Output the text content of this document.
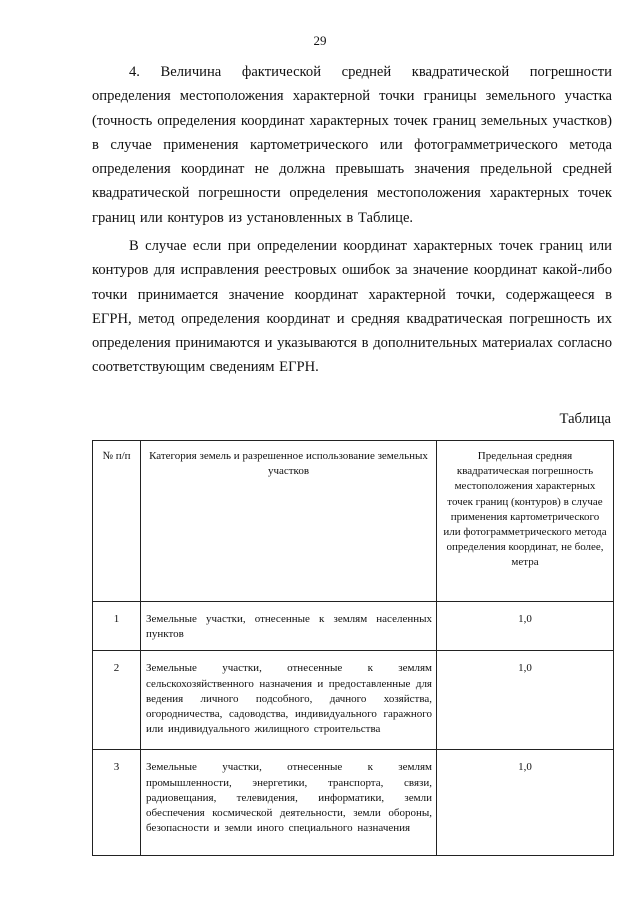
29

4. Величина фактической средней квадратической погрешности определения местоположения характерной точки границы земельного участка (точность определения координат характерных точек границ земельных участков) в случае применения картометрического или фотограмметрического метода определения координат не должна превышать значения предельной средней квадратической погрешности определения местоположения характерных точек границ или контуров из установленных в Таблице.

В случае если при определении координат характерных точек границ или контуров для исправления реестровых ошибок за значение координат какой-либо точки принимается значение координат характерной точки, содержащееся в ЕГРН, метод определения координат и средняя квадратическая погрешность их определения принимаются и указываются в дополнительных материалах согласно соответствующим сведениям ЕГРН.

Таблица
№ п/п	Категория земель и разрешенное использование земельных участков	Предельная средняя квадратическая погрешность местоположения характерных точек границ (контуров) в случае применения картометрического или фотограмметрического метода определения координат, не более, метра
1	Земельные участки, отнесенные к землям населенных пунктов	1,0
2	Земельные участки, отнесенные к землям сельскохозяйственного назначения и предоставленные для ведения личного подсобного, дачного хозяйства, огородничества, садоводства, индивидуального гаражного или индивидуального жилищного строительства	1,0
3	Земельные участки, отнесенные к землям промышленности, энергетики, транспорта, связи, радиовещания, телевидения, информатики, земли обеспечения космической деятельности, земли обороны, безопасности и земли иного специального назначения	1,0
